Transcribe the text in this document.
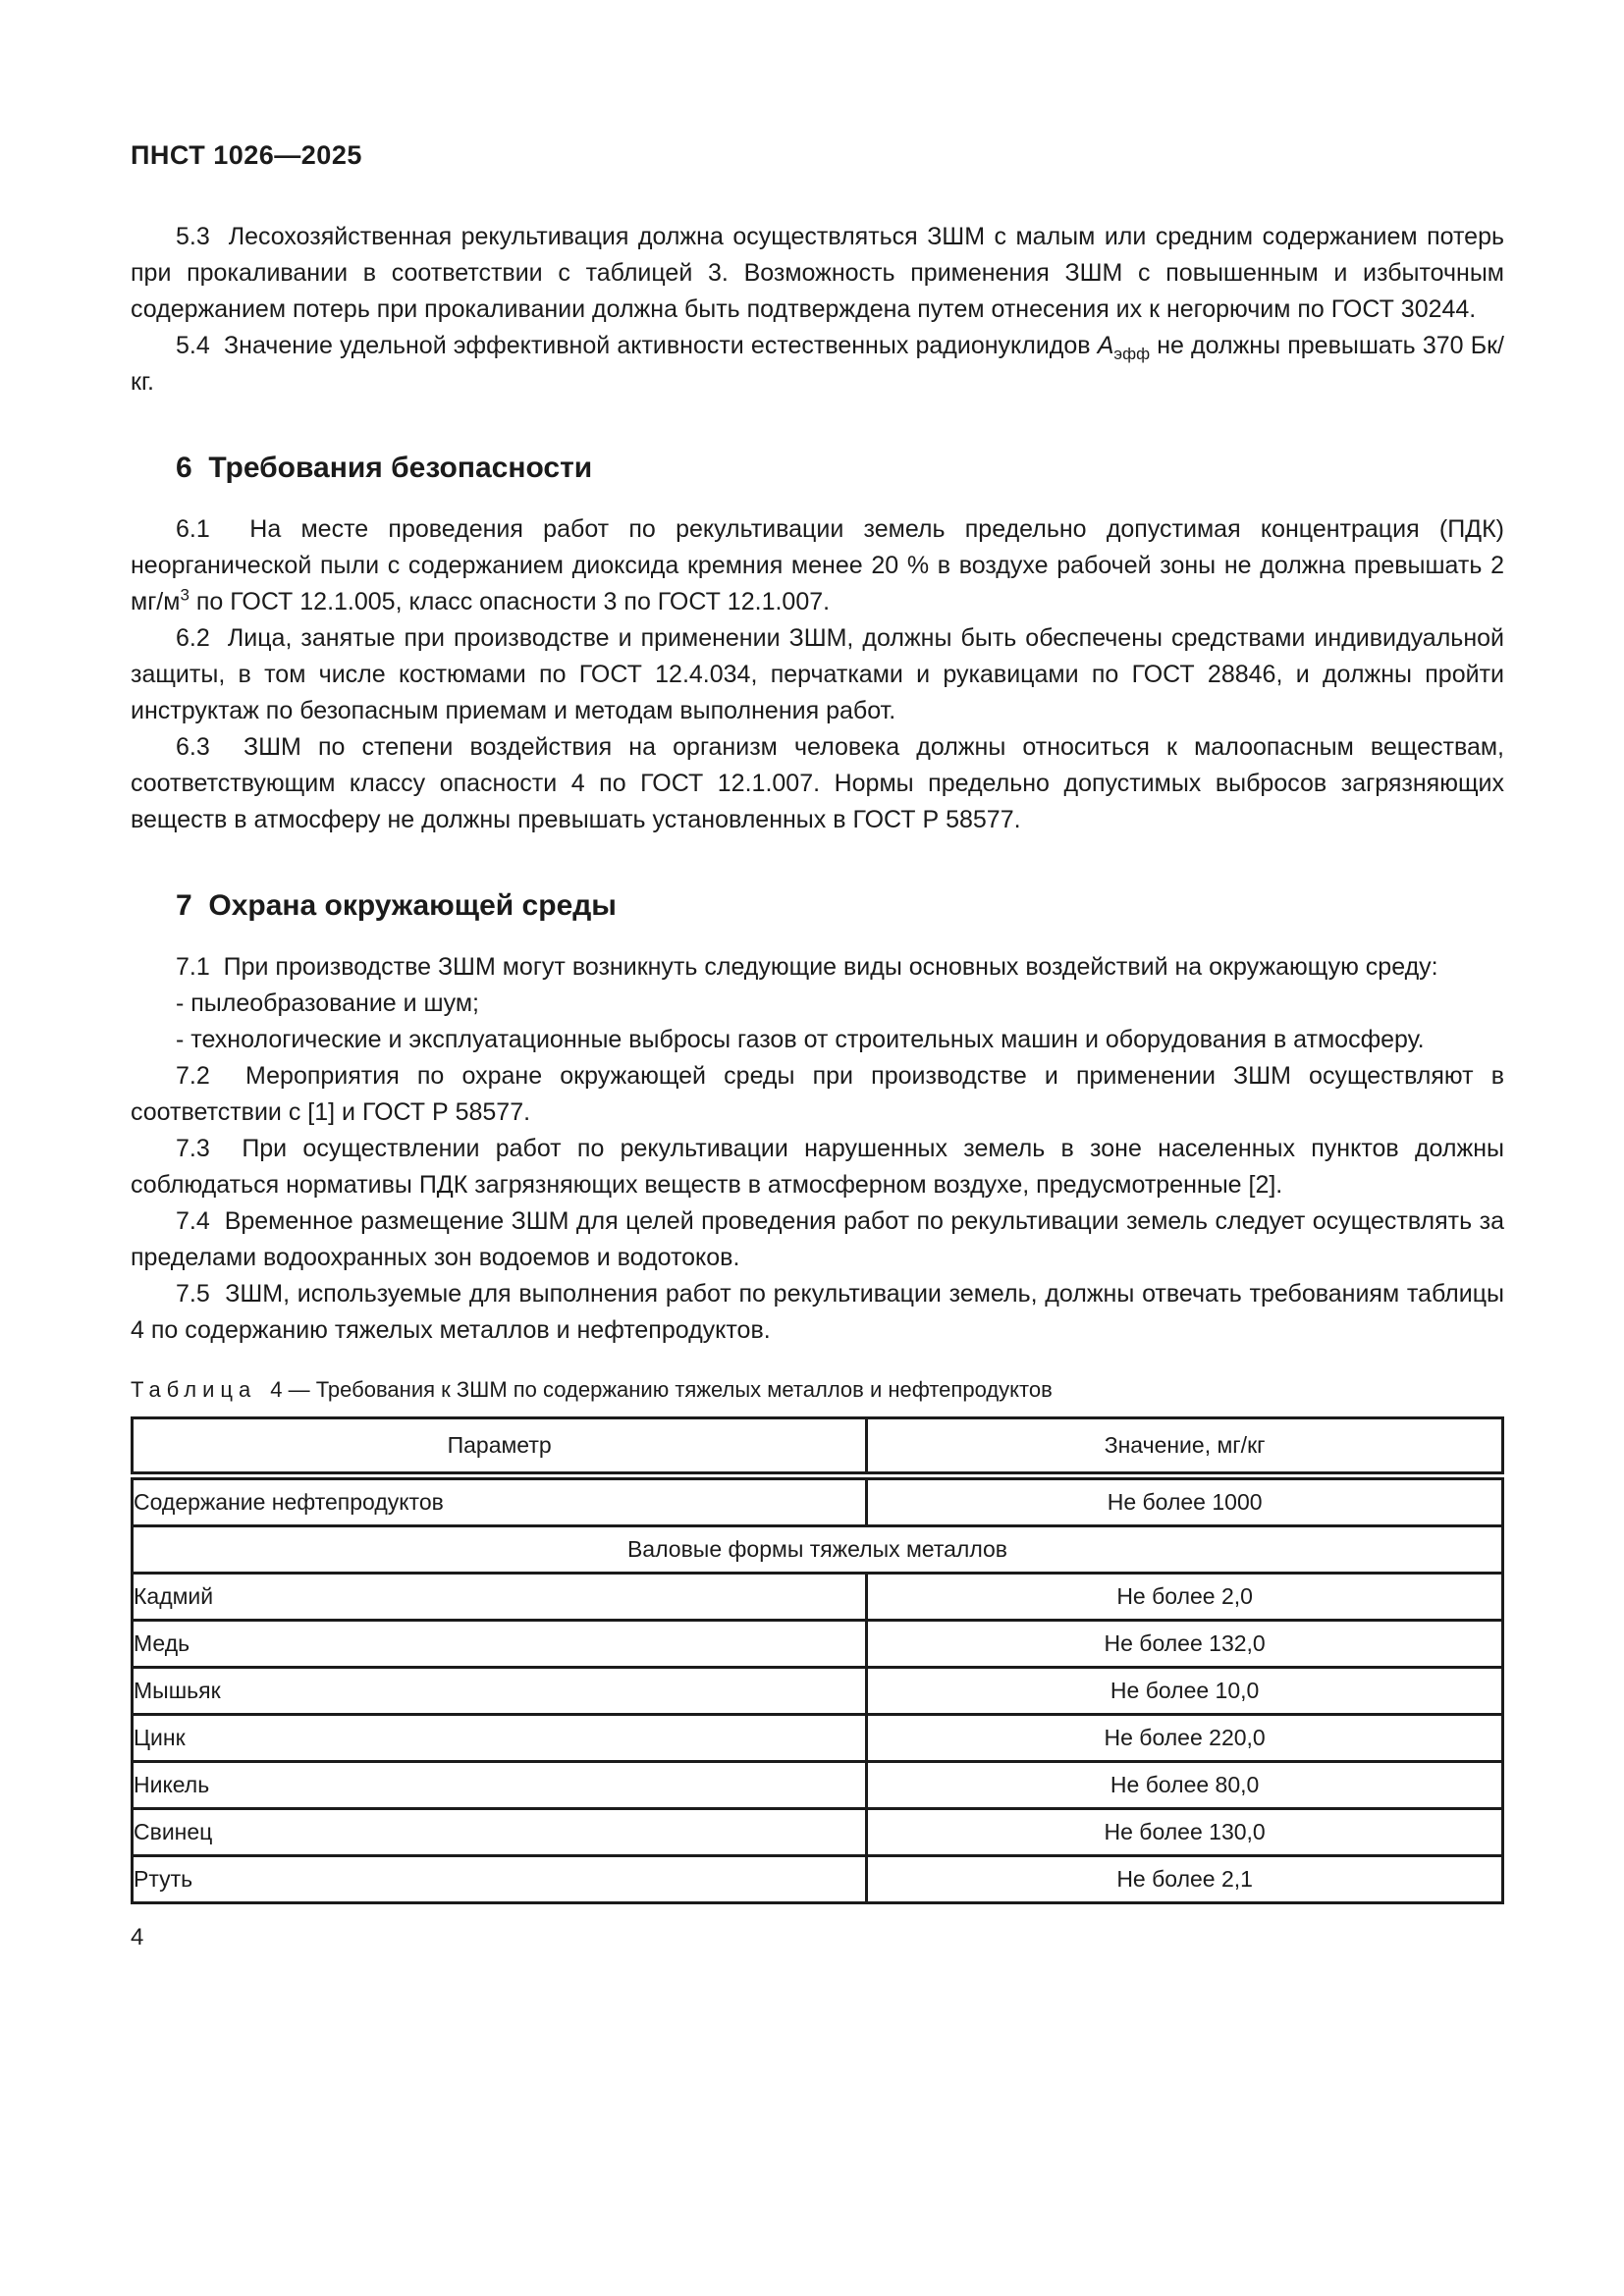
ПНСТ 1026—2025

5.3  Лесохозяйственная рекультивация должна осуществляться ЗШМ с малым или средним содержанием потерь при прокаливании в соответствии с таблицей 3. Возможность применения ЗШМ с повышенным и избыточным содержанием потерь при прокаливании должна быть подтверждена путем отнесения их к негорючим по ГОСТ 30244.

5.4  Значение удельной эффективной активности естественных радионуклидов $А_{эфф}$ не должны превышать 370 Бк/кг.

6  Требования безопасности

6.1  На месте проведения работ по рекультивации земель предельно допустимая концентрация (ПДК) неорганической пыли с содержанием диоксида кремния менее 20 % в воздухе рабочей зоны не должна превышать 2 $мг/м^3$ по ГОСТ 12.1.005, класс опасности 3 по ГОСТ 12.1.007.

6.2  Лица, занятые при производстве и применении ЗШМ, должны быть обеспечены средствами индивидуальной защиты, в том числе костюмами по ГОСТ 12.4.034, перчатками и рукавицами по ГОСТ 28846, и должны пройти инструктаж по безопасным приемам и методам выполнения работ.

6.3  ЗШМ по степени воздействия на организм человека должны относиться к малоопасным веществам, соответствующим классу опасности 4 по ГОСТ 12.1.007. Нормы предельно допустимых выбросов загрязняющих веществ в атмосферу не должны превышать установленных в ГОСТ Р 58577.

7  Охрана окружающей среды

7.1  При производстве ЗШМ могут возникнуть следующие виды основных воздействий на окружающую среду:

- пылеобразование и шум;

- технологические и эксплуатационные выбросы газов от строительных машин и оборудования в атмосферу.

7.2  Мероприятия по охране окружающей среды при производстве и применении ЗШМ осуществляют в соответствии с [1] и ГОСТ Р 58577.

7.3  При осуществлении работ по рекультивации нарушенных земель в зоне населенных пунктов должны соблюдаться нормативы ПДК загрязняющих веществ в атмосферном воздухе, предусмотренные [2].

7.4  Временное размещение ЗШМ для целей проведения работ по рекультивации земель следует осуществлять за пределами водоохранных зон водоемов и водотоков.

7.5  ЗШМ, используемые для выполнения работ по рекультивации земель, должны отвечать требованиям таблицы 4 по содержанию тяжелых металлов и нефтепродуктов.

Таблица 4 — Требования к ЗШМ по содержанию тяжелых металлов и нефтепродуктов
Параметр	Значение, мг/кг
Содержание нефтепродуктов	Не более 1000
Валовые формы тяжелых металлов	
Кадмий	Не более 2,0
Медь	Не более 132,0
Мышьяк	Не более 10,0
Цинк	Не более 220,0
Никель	Не более 80,0
Свинец	Не более 130,0
Ртуть	Не более 2,1
4
